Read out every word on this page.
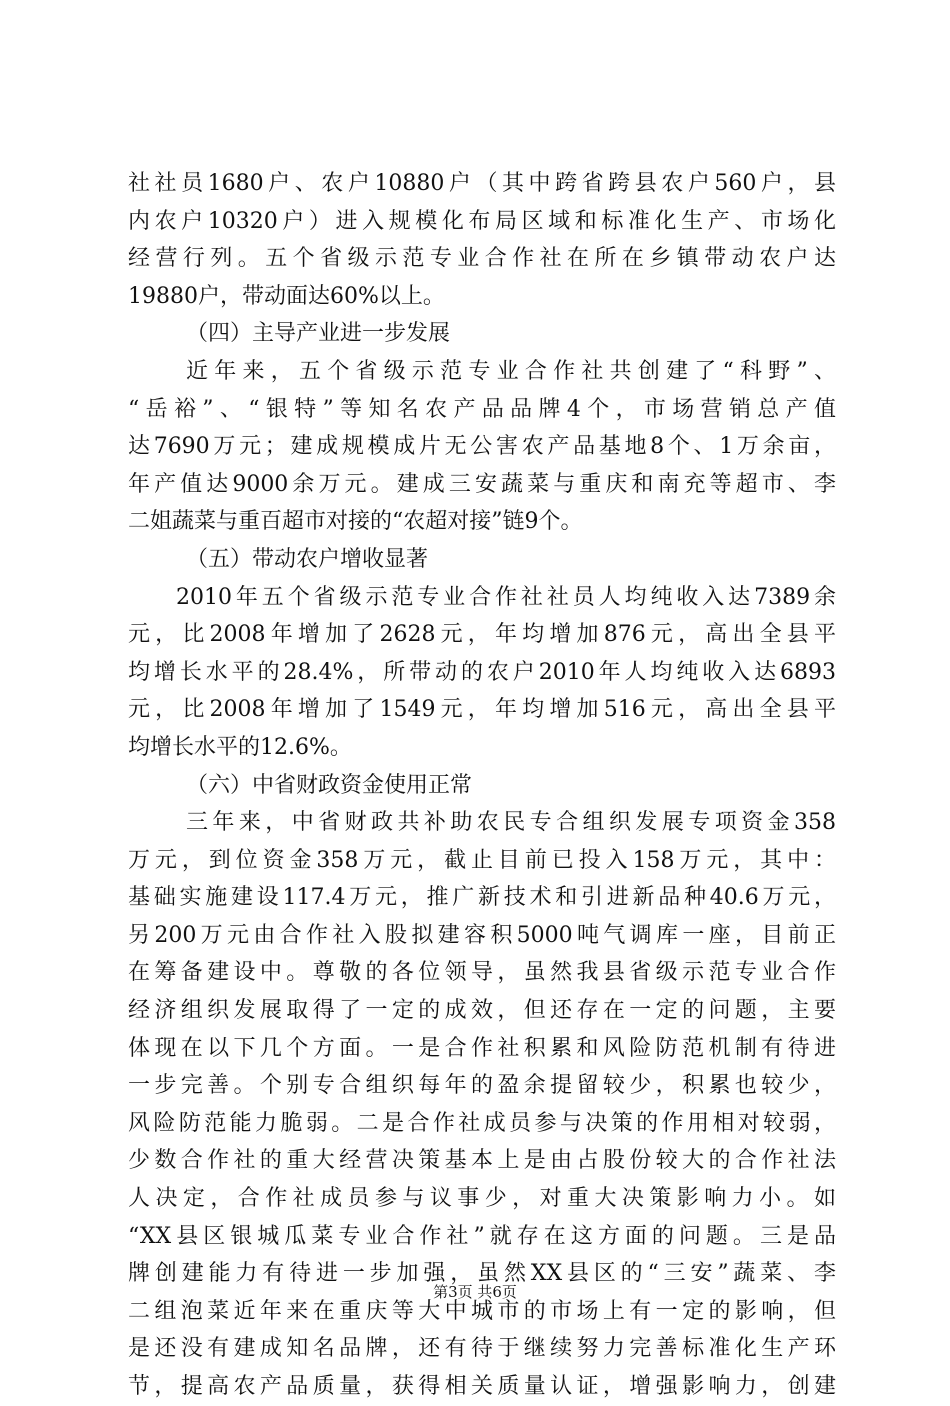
社社员1680户、农户10880户（其中跨省跨县农户560户，县
内农户10320户）进入规模化布局区域和标准化生产、市场化
经营行列。五个省级示范专业合作社在所在乡镇带动农户达
19880户，带动面达60%以上。
（四）主导产业进一步发展
近年来，五个省级示范专业合作社共创建了“科野”、
“岳裕”、“银特”等知名农产品品牌4个，市场营销总产值
达7690万元；建成规模成片无公害农产品基地8个、1万余亩，
年产值达9000余万元。建成三安蔬菜与重庆和南充等超市、李
二姐蔬菜与重百超市对接的“农超对接”链9个。
（五）带动农户增收显著
2010年五个省级示范专业合作社社员人均纯收入达7389余
元，比2008年增加了2628元，年均增加876元，高出全县平
均增长水平的28.4%，所带动的农户2010年人均纯收入达6893
元，比2008年增加了1549元，年均增加516元，高出全县平
均增长水平的12.6%。
（六）中省财政资金使用正常
三年来，中省财政共补助农民专合组织发展专项资金358
万元，到位资金358万元，截止目前已投入158万元，其中：
基础实施建设117.4万元，推广新技术和引进新品种40.6万元，
另200万元由合作社入股拟建容积5000吨气调库一座，目前正
在筹备建设中。尊敬的各位领导，虽然我县省级示范专业合作
经济组织发展取得了一定的成效，但还存在一定的问题，主要
体现在以下几个方面。一是合作社积累和风险防范机制有待进
一步完善。个别专合组织每年的盈余提留较少，积累也较少，
风险防范能力脆弱。二是合作社成员参与决策的作用相对较弱，
少数合作社的重大经营决策基本上是由占股份较大的合作社法
人决定，合作社成员参与议事少，对重大决策影响力小。如
“XX县区银城瓜菜专业合作社”就存在这方面的问题。三是品
牌创建能力有待进一步加强，虽然XX县区的“三安”蔬菜、李
二组泡菜近年来在重庆等大中城市的市场上有一定的影响，但
是还没有建成知名品牌，还有待于继续努力完善标准化生产环
节，提高农产品质量，获得相关质量认证，增强影响力，创建
第3页 共6页
